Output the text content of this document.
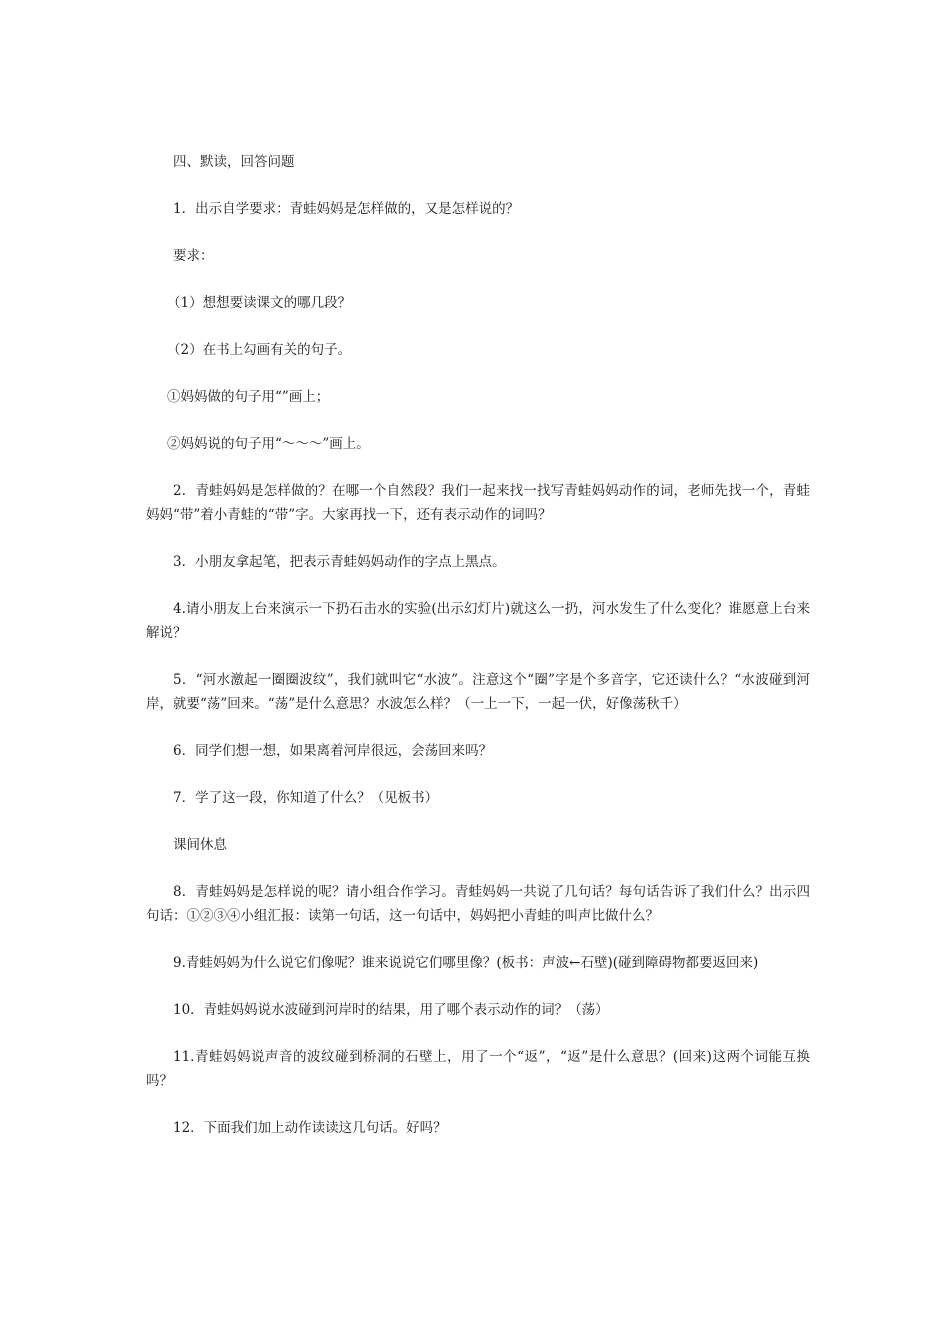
四、默读，回答问题

1．出示自学要求：青蛙妈妈是怎样做的，又是怎样说的？

要求：

（1）想想要读课文的哪几段？

（2）在书上勾画有关的句子。

①妈妈做的句子用“”画上；

②妈妈说的句子用“～～～”画上。

2．青蛙妈妈是怎样做的？在哪一个自然段？我们一起来找一找写青蛙妈妈动作的词，老师先找一个，青蛙妈妈“带”着小青蛙的“带”字。大家再找一下，还有表示动作的词吗？

3．小朋友拿起笔，把表示青蛙妈妈动作的字点上黑点。

4.请小朋友上台来演示一下扔石击水的实验(出示幻灯片)就这么一扔，河水发生了什么变化？谁愿意上台来解说？

5．“河水激起一圈圈波纹”，我们就叫它“水波”。注意这个“圈”字是个多音字，它还读什么？“水波碰到河岸，就要“荡”回来。“荡”是什么意思？水波怎么样？（一上一下，一起一伏，好像荡秋千）

6．同学们想一想，如果离着河岸很远，会荡回来吗？

7．学了这一段，你知道了什么？（见板书）

课间休息

8．青蛙妈妈是怎样说的呢？请小组合作学习。青蛙妈妈一共说了几句话？每句话告诉了我们什么？出示四句话：①②③④小组汇报：读第一句话，这一句话中，妈妈把小青蛙的叫声比做什么？

9.青蛙妈妈为什么说它们像呢？谁来说说它们哪里像？(板书：声波←石壁)(碰到障碍物都要返回来)

10．青蛙妈妈说水波碰到河岸时的结果，用了哪个表示动作的词？（荡）

11.青蛙妈妈说声音的波纹碰到桥洞的石壁上，用了一个“返”，“返”是什么意思？(回来)这两个词能互换吗？

12．下面我们加上动作读读这几句话。好吗？
